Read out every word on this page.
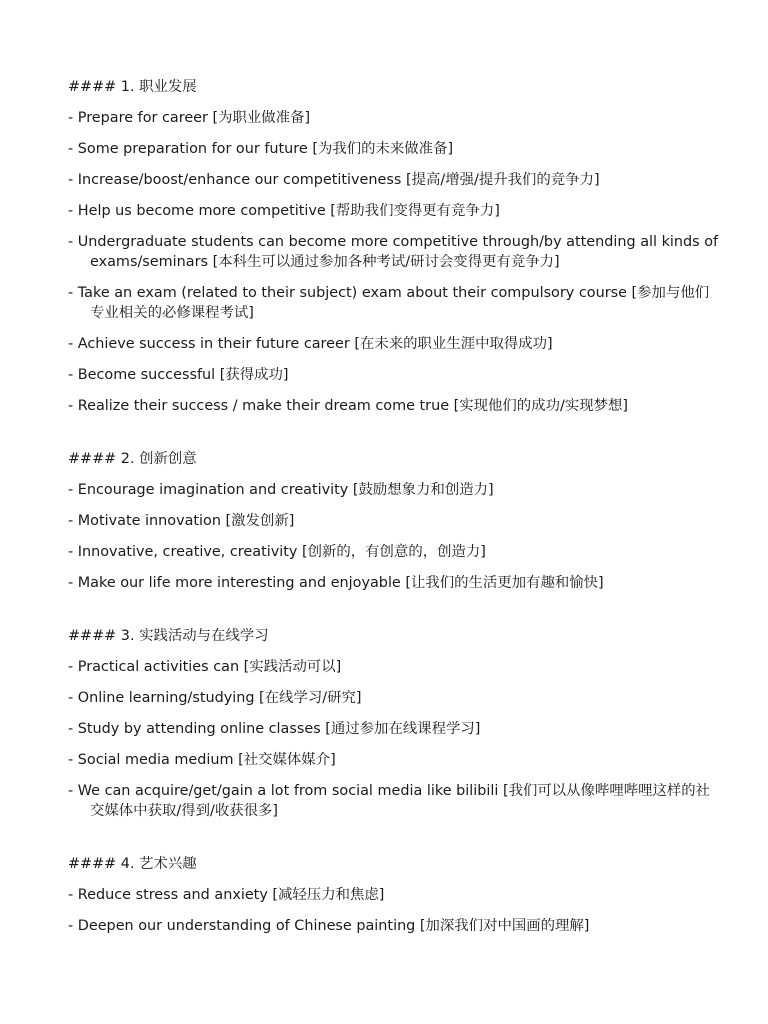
#### 1. 职业发展

- Prepare for career [为职业做准备]

- Some preparation for our future [为我们的未来做准备]

- Increase/boost/enhance our competitiveness [提高/增强/提升我们的竞争力]

- Help us become more competitive [帮助我们变得更有竞争力]

- Undergraduate students can become more competitive through/by attending all kinds of exams/seminars [本科生可以通过参加各种考试/研讨会变得更有竞争力]

- Take an exam (related to their subject) exam about their compulsory course [参加与他们专业相关的必修课程考试]

- Achieve success in their future career [在未来的职业生涯中取得成功]

- Become successful [获得成功]

- Realize their success / make their dream come true [实现他们的成功/实现梦想]

#### 2. 创新创意

- Encourage imagination and creativity [鼓励想象力和创造力]

- Motivate innovation [激发创新]

- Innovative, creative, creativity [创新的，有创意的，创造力]

- Make our life more interesting and enjoyable [让我们的生活更加有趣和愉快]

#### 3. 实践活动与在线学习

- Practical activities can [实践活动可以]

- Online learning/studying [在线学习/研究]

- Study by attending online classes [通过参加在线课程学习]

- Social media medium [社交媒体媒介]

- We can acquire/get/gain a lot from social media like bilibili [我们可以从像哔哩哔哩这样的社交媒体中获取/得到/收获很多]

#### 4. 艺术兴趣

- Reduce stress and anxiety [减轻压力和焦虑]

- Deepen our understanding of Chinese painting [加深我们对中国画的理解]
